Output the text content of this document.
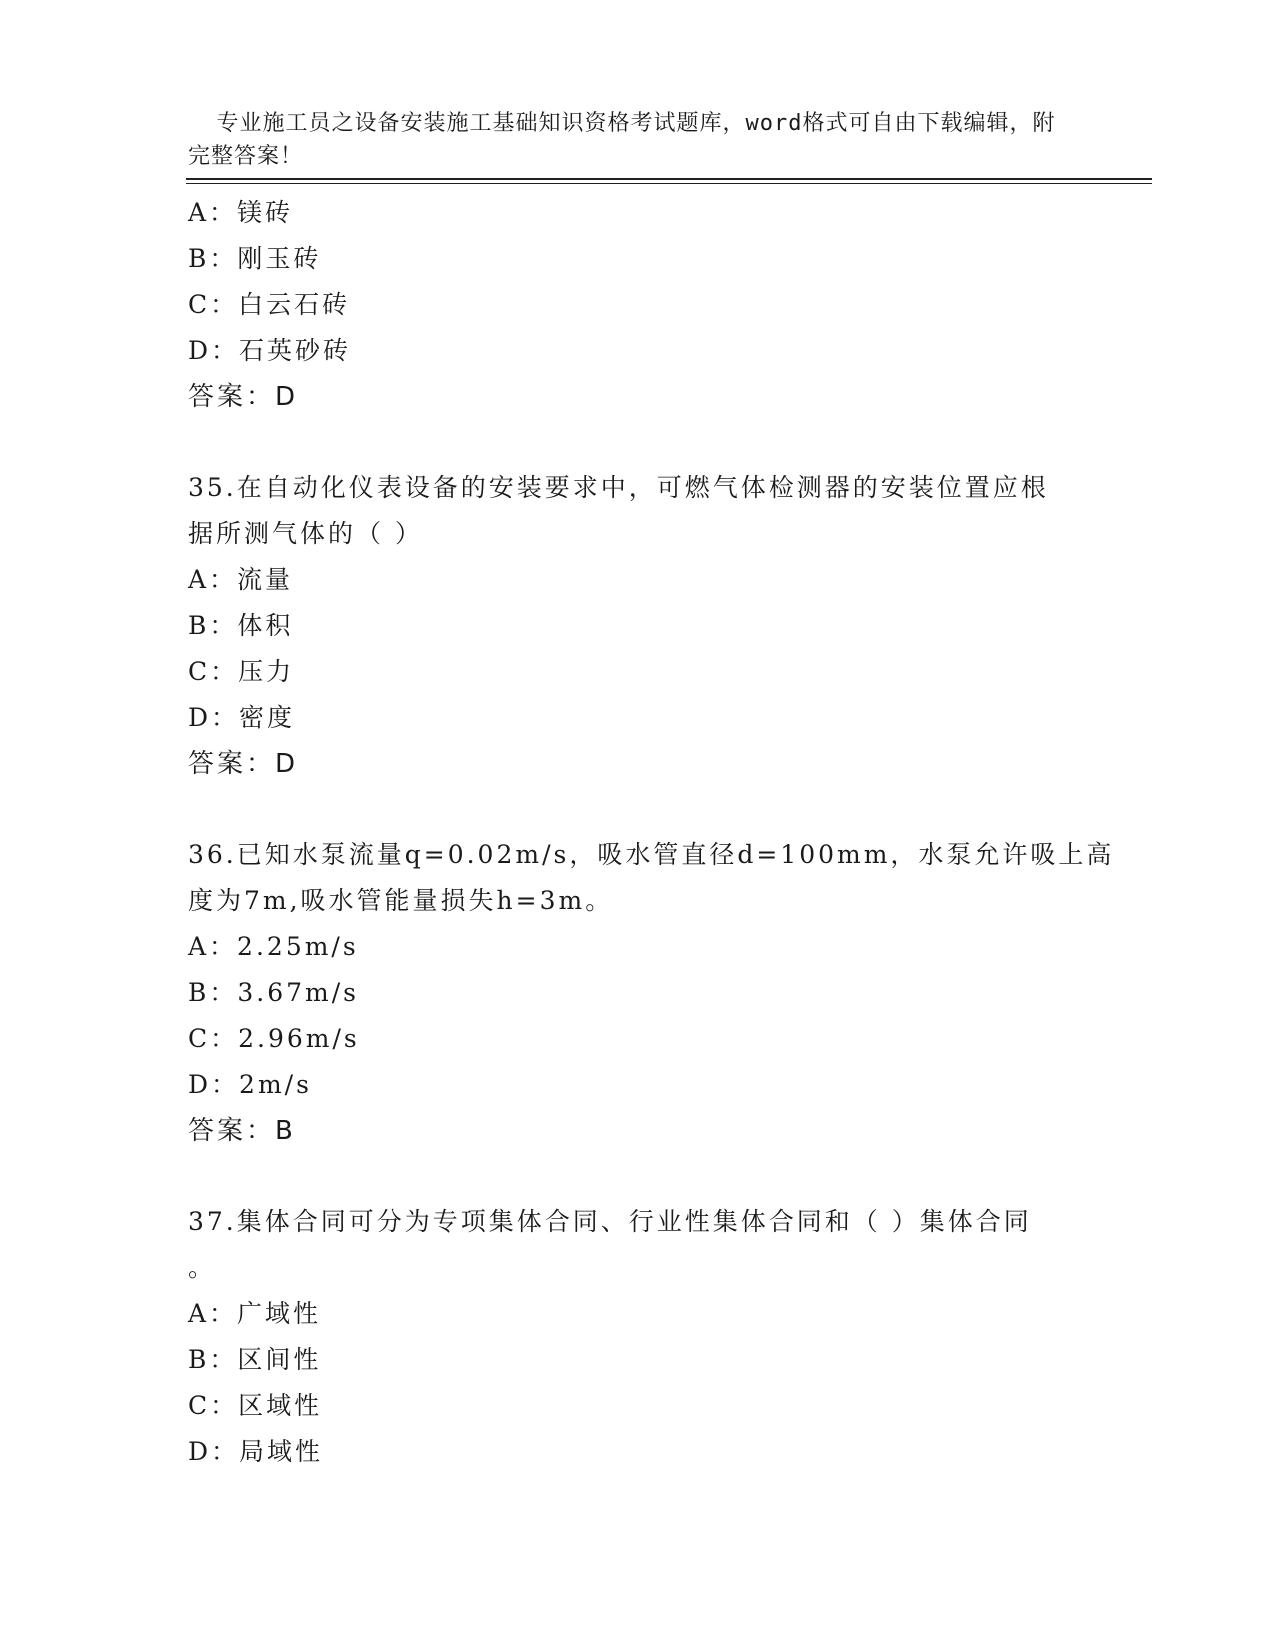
专业施工员之设备安装施工基础知识资格考试题库，word格式可自由下载编辑，附完整答案！

A：镁砖
B：刚玉砖
C：白云石砖
D：石英砂砖
答案：D
35.在自动化仪表设备的安装要求中，可燃气体检测器的安装位置应根
据所测气体的（ ）
A：流量
B：体积
C：压力
D：密度
答案：D
36.已知水泵流量q=0.02m/s，吸水管直径d=100mm，水泵允许吸上高
度为7m,吸水管能量损失h=3m。
A：2.25m/s
B：3.67m/s
C：2.96m/s
D：2m/s
答案：B
37.集体合同可分为专项集体合同、行业性集体合同和（ ）集体合同
。
A：广域性
B：区间性
C：区域性
D：局域性
